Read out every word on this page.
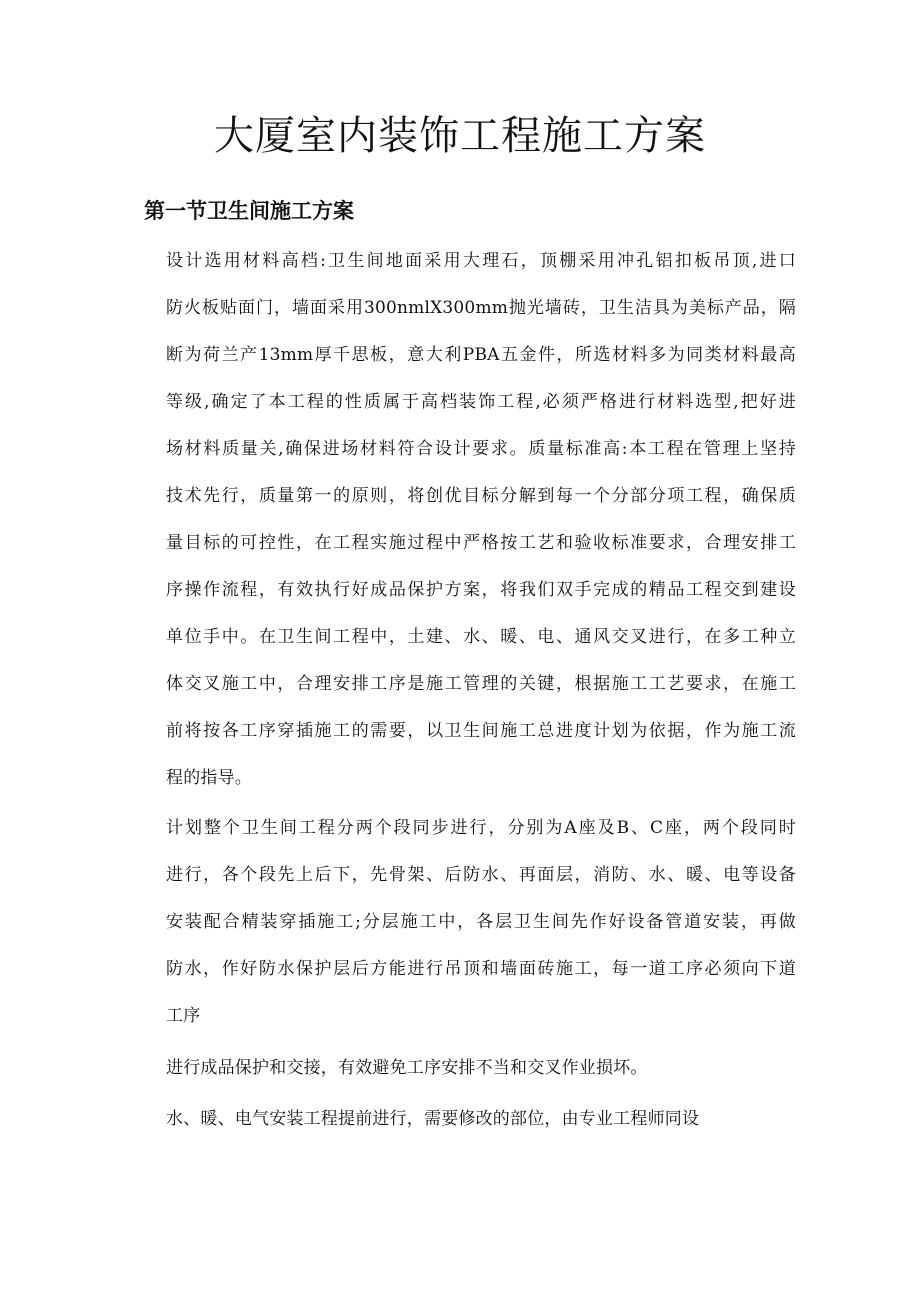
大厦室内装饰工程施工方案
第一节卫生间施工方案
设计选用材料高档:卫生间地面采用大理石，顶棚采用冲孔铝扣板吊顶,进口
防火板贴面门，墙面采用300nmlX300mm抛光墙砖，卫生洁具为美标产品，隔
断为荷兰产13mm厚千思板，意大利PBA五金件，所选材料多为同类材料最高
等级,确定了本工程的性质属于高档装饰工程,必须严格进行材料选型,把好进
场材料质量关,确保进场材料符合设计要求。质量标准高:本工程在管理上坚持
技术先行，质量第一的原则，将创优目标分解到每一个分部分项工程，确保质
量目标的可控性，在工程实施过程中严格按工艺和验收标准要求，合理安排工
序操作流程，有效执行好成品保护方案，将我们双手完成的精品工程交到建设
单位手中。在卫生间工程中，土建、水、暖、电、通风交叉进行，在多工种立
体交叉施工中，合理安排工序是施工管理的关键，根据施工工艺要求，在施工
前将按各工序穿插施工的需要，以卫生间施工总进度计划为依据，作为施工流
程的指导。
计划整个卫生间工程分两个段同步进行，分别为A座及B、C座，两个段同时
进行，各个段先上后下，先骨架、后防水、再面层，消防、水、暖、电等设备
安装配合精装穿插施工;分层施工中，各层卫生间先作好设备管道安装，再做
防水，作好防水保护层后方能进行吊顶和墙面砖施工，每一道工序必须向下道
工序
进行成品保护和交接，有效避免工序安排不当和交叉作业损坏。
水、暖、电气安装工程提前进行，需要修改的部位，由专业工程师同设
